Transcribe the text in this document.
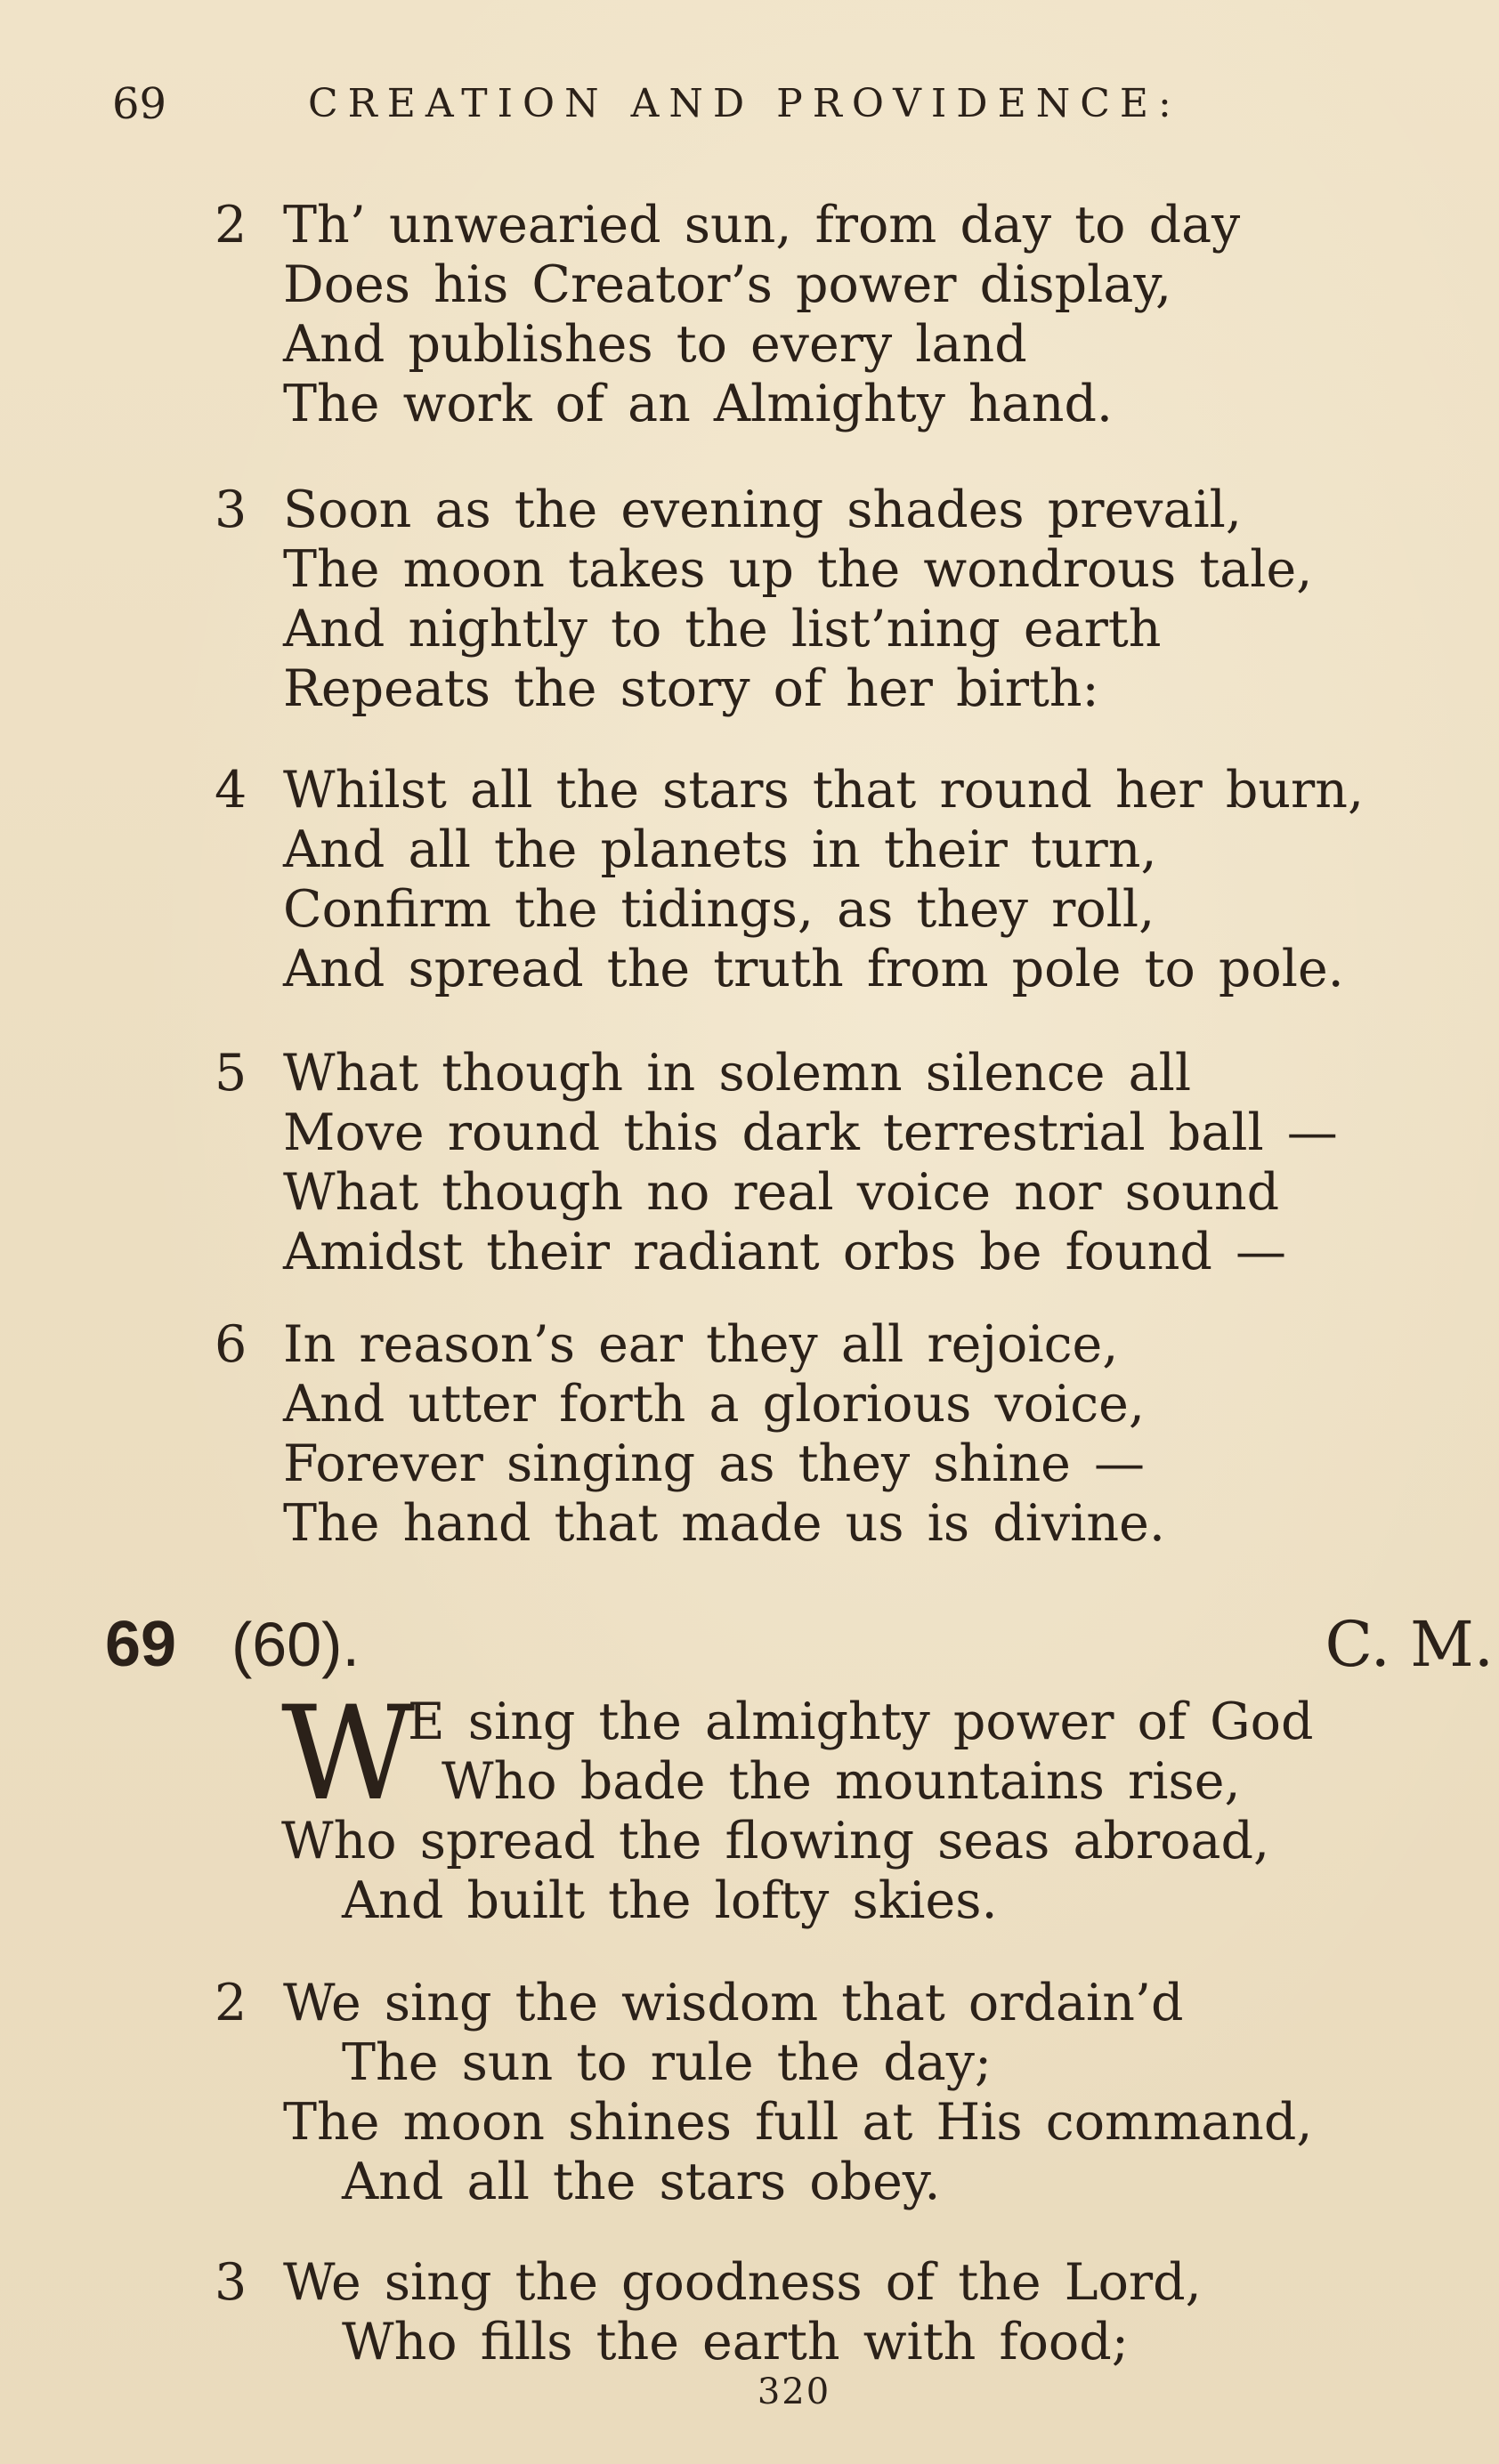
69	CREATION AND PROVIDENCE:
2 Th’ unwearied sun, from day to day
Does his Creator’s power display,
And publishes to every land
The work of an Almighty hand.
3 Soon as the evening shades prevail,
The moon takes up the wondrous tale,
And nightly to the list’ning earth
Repeats the story of her birth:
4 Whilst all the stars that round her burn,
And all the planets in their turn,
Confirm the tidings, as they roll,
And spread the truth from pole to pole.
5 What though in solemn silence all
Move round this dark terrestrial ball —
What though no real voice nor sound
Amidst their radiant orbs be found —
6 In reason’s ear they all rejoice,
And utter forth a glorious voice,
Forever singing as they shine —
The hand that made us is divine.
69 (60).	C. M.
W
E sing the almighty power of God
Who bade the mountains rise,
Who spread the flowing seas abroad,
And built the lofty skies.
2 We sing the wisdom that ordain’d
The sun to rule the day;
The moon shines full at His command,
And all the stars obey.
3 We sing the goodness of the Lord,
Who fills the earth with food;
320
